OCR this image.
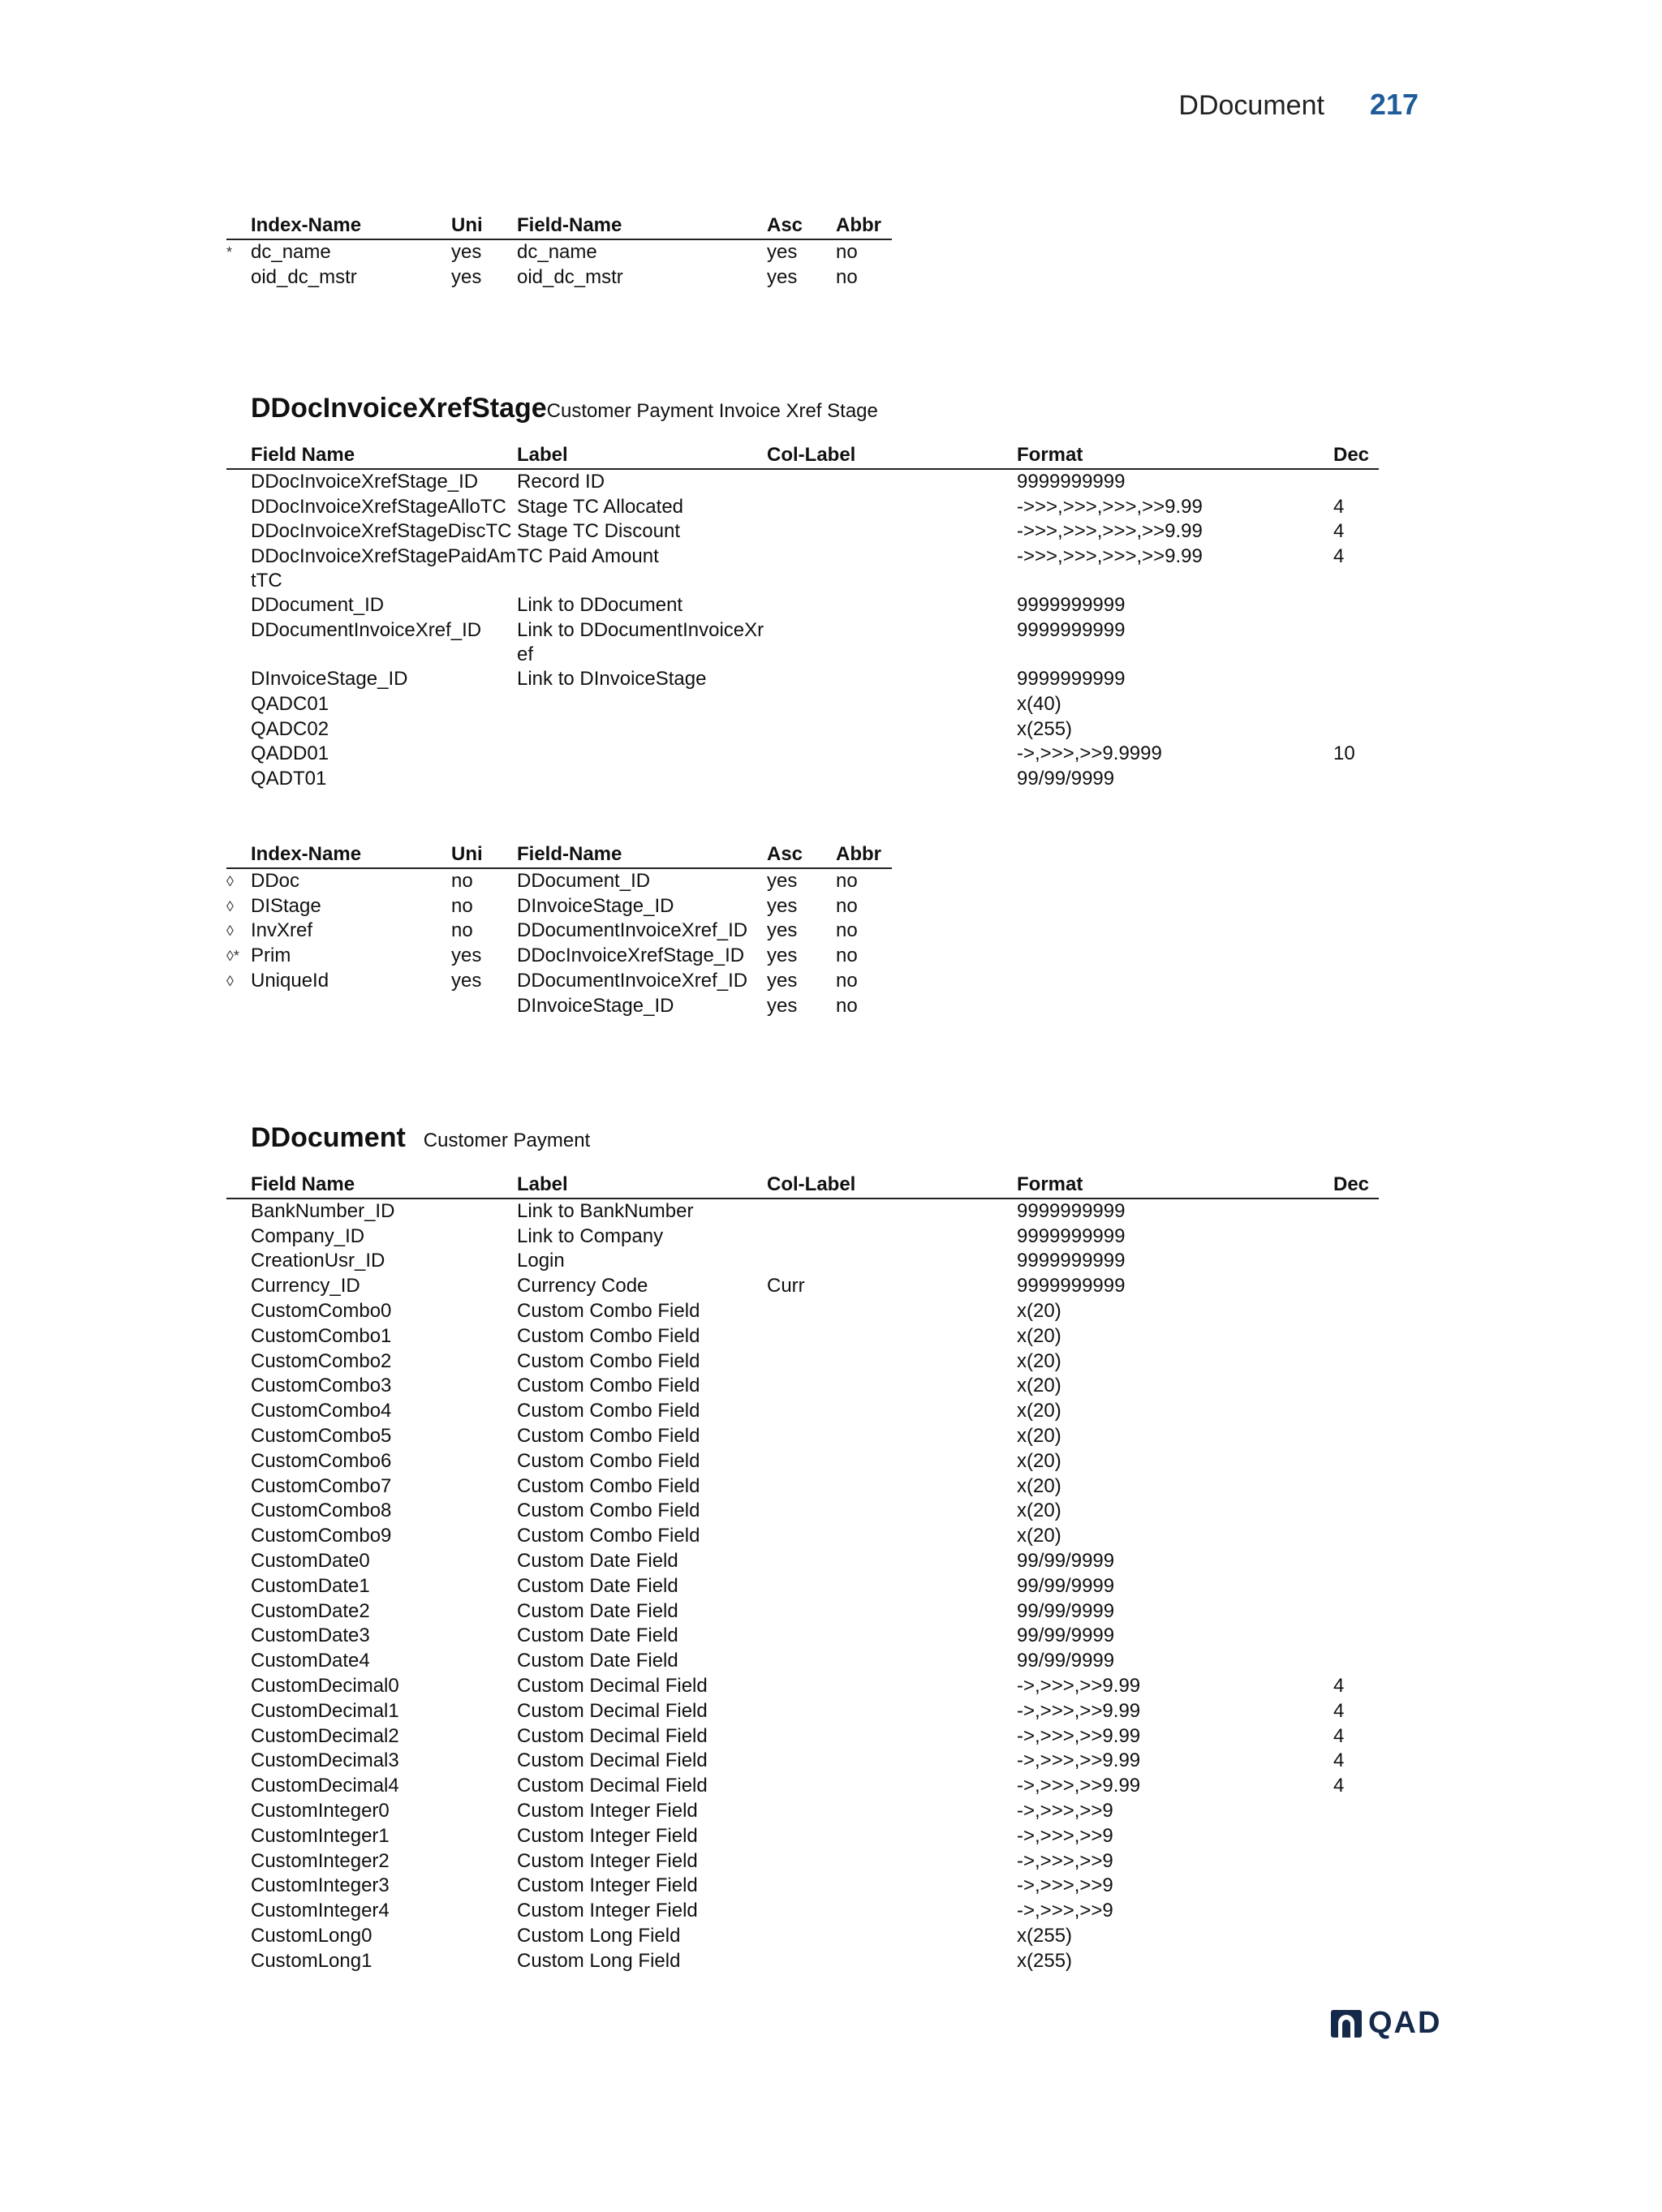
DDocument 217
	Index-Name	Uni	Field-Name	Asc	Abbr
*	dc_name	yes	dc_name	yes	no
	oid_dc_mstr	yes	oid_dc_mstr	yes	no
DDocInvoiceXrefStage Customer Payment Invoice Xref Stage
	Field Name	Label	Col-Label	Format	Dec
	DDocInvoiceXrefStage_ID	Record ID		9999999999	
	DDocInvoiceXrefStageAlloTC	Stage TC Allocated		->>>,>>>,>>>,>>9.99	4
	DDocInvoiceXrefStageDiscTC	Stage TC Discount		->>>,>>>,>>>,>>9.99	4
	DDocInvoiceXrefStagePaidAmtTC	TC Paid Amount		->>>,>>>,>>>,>>9.99	4
	DDocument_ID	Link to DDocument		9999999999	
	DDocumentInvoiceXref_ID	Link to DDocumentInvoiceXref		9999999999	
	DInvoiceStage_ID	Link to DInvoiceStage		9999999999	
	QADC01			x(40)	
	QADC02			x(255)	
	QADD01			->,>>>,>>9.9999	10
	QADT01			99/99/9999	
	Index-Name	Uni	Field-Name	Asc	Abbr
◊	DDoc	no	DDocument_ID	yes	no
◊	DIStage	no	DInvoiceStage_ID	yes	no
◊	InvXref	no	DDocumentInvoiceXref_ID	yes	no
◊*	Prim	yes	DDocInvoiceXrefStage_ID	yes	no
◊	UniqueId	yes	DDocumentInvoiceXref_ID	yes	no
			DInvoiceStage_ID	yes	no
DDocument Customer Payment
	Field Name	Label	Col-Label	Format	Dec
	BankNumber_ID	Link to BankNumber		9999999999	
	Company_ID	Link to Company		9999999999	
	CreationUsr_ID	Login		9999999999	
	Currency_ID	Currency Code	Curr	9999999999	
	CustomCombo0	Custom Combo Field		x(20)	
	CustomCombo1	Custom Combo Field		x(20)	
	CustomCombo2	Custom Combo Field		x(20)	
	CustomCombo3	Custom Combo Field		x(20)	
	CustomCombo4	Custom Combo Field		x(20)	
	CustomCombo5	Custom Combo Field		x(20)	
	CustomCombo6	Custom Combo Field		x(20)	
	CustomCombo7	Custom Combo Field		x(20)	
	CustomCombo8	Custom Combo Field		x(20)	
	CustomCombo9	Custom Combo Field		x(20)	
	CustomDate0	Custom Date Field		99/99/9999	
	CustomDate1	Custom Date Field		99/99/9999	
	CustomDate2	Custom Date Field		99/99/9999	
	CustomDate3	Custom Date Field		99/99/9999	
	CustomDate4	Custom Date Field		99/99/9999	
	CustomDecimal0	Custom Decimal Field		->,>>>,>>9.99	4
	CustomDecimal1	Custom Decimal Field		->,>>>,>>9.99	4
	CustomDecimal2	Custom Decimal Field		->,>>>,>>9.99	4
	CustomDecimal3	Custom Decimal Field		->,>>>,>>9.99	4
	CustomDecimal4	Custom Decimal Field		->,>>>,>>9.99	4
	CustomInteger0	Custom Integer Field		->,>>>,>>9	
	CustomInteger1	Custom Integer Field		->,>>>,>>9	
	CustomInteger2	Custom Integer Field		->,>>>,>>9	
	CustomInteger3	Custom Integer Field		->,>>>,>>9	
	CustomInteger4	Custom Integer Field		->,>>>,>>9	
	CustomLong0	Custom Long Field		x(255)	
	CustomLong1	Custom Long Field		x(255)	
QAD
